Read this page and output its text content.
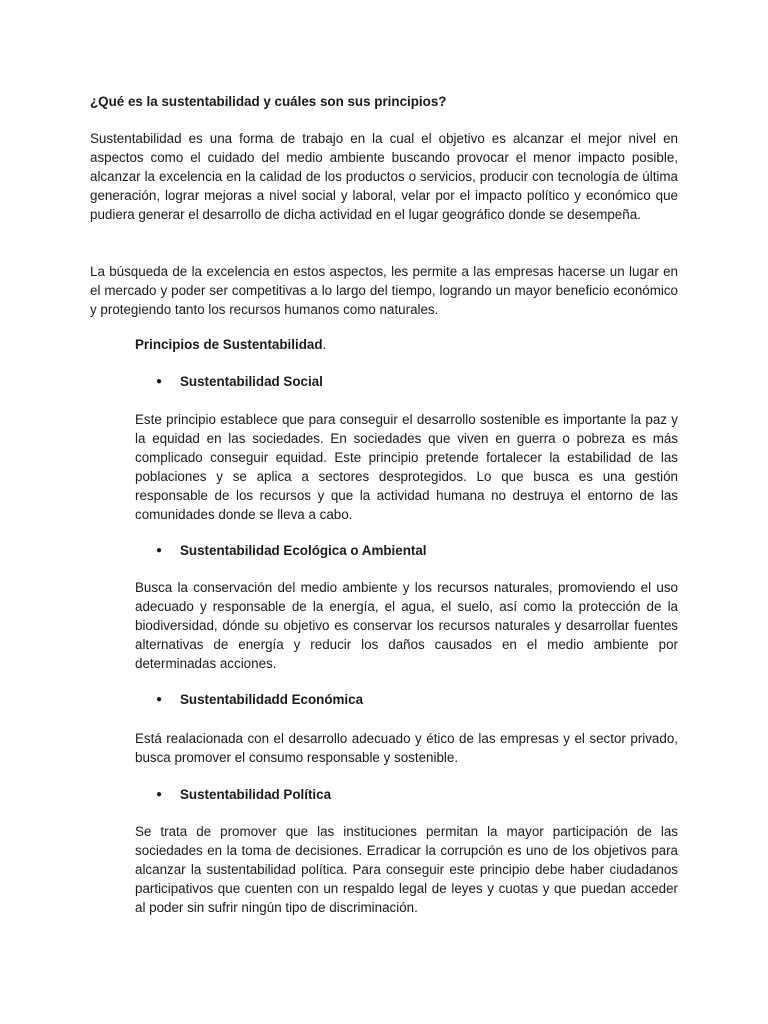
¿Qué es la sustentabilidad y cuáles son sus principios?

Sustentabilidad es una forma de trabajo en la cual el objetivo es alcanzar el mejor nivel en aspectos como el cuidado del medio ambiente buscando provocar el menor impacto posible, alcanzar la excelencia en la calidad de los productos o servicios, producir con tecnología de última generación, lograr mejoras a nivel social y laboral, velar por el impacto político y económico que pudiera generar el desarrollo de dicha actividad en el lugar geográfico donde se desempeña.

La búsqueda de la excelencia en estos aspectos, les permite a las empresas hacerse un lugar en el mercado y poder ser competitivas a lo largo del tiempo, logrando un mayor beneficio económico y protegiendo tanto los recursos humanos como naturales.

Principios de Sustentabilidad.

●	Sustentabilidad Social

Este principio establece que para conseguir el desarrollo sostenible es importante la paz y la equidad en las sociedades. En sociedades que viven en guerra o pobreza es más complicado conseguir equidad. Este principio pretende fortalecer la estabilidad de las poblaciones y se aplica a sectores desprotegidos. Lo que busca es una gestión responsable de los recursos y que la actividad humana no destruya el entorno de las comunidades donde se lleva a cabo.

●	Sustentabilidad Ecológica o Ambiental

Busca la conservación del medio ambiente y los recursos naturales, promoviendo el uso adecuado y responsable de la energía, el agua, el suelo, así como la protección de la biodiversidad, dónde su objetivo es conservar los recursos naturales y desarrollar fuentes alternativas de energía y reducir los daños causados en el medio ambiente por determinadas acciones.

●	Sustentabilidadd Económica

Está realacionada con el desarrollo adecuado y ético de las empresas y el sector privado, busca promover el consumo responsable y sostenible.

●	Sustentabilidad Política

Se trata de promover que las instituciones permitan la mayor participación de las sociedades en la toma de decisiones. Erradicar la corrupción es uno de los objetivos para alcanzar la sustentabilidad política. Para conseguir este principio debe haber ciudadanos participativos que cuenten con un respaldo legal de leyes y cuotas y que puedan acceder al poder sin sufrir ningún tipo de discriminación.
